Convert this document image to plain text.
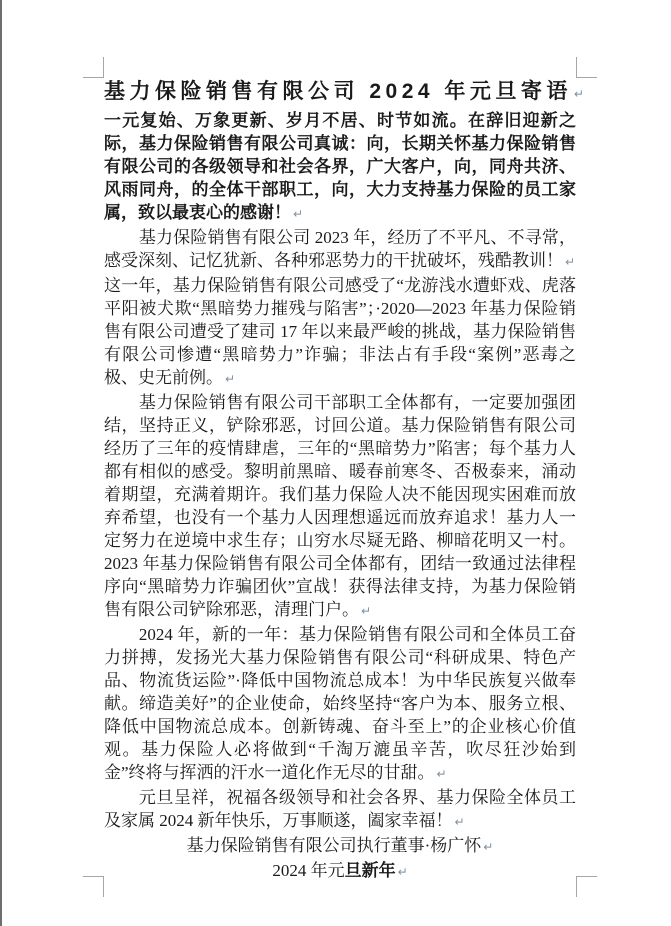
基力保险销售有限公司 2024 年元旦寄语 ↵

一元复始、万象更新、岁月不居、时节如流。在辞旧迎新之际，基力保险销售有限公司真诚：向，长期关怀基力保险销售有限公司的各级领导和社会各界，广大客户，向，同舟共济、风雨同舟，的全体干部职工，向，大力支持基力保险的员工家属，致以最衷心的感谢！ ↵

基力保险销售有限公司 2023 年，经历了不平凡、不寻常，感受深刻、记忆犹新、各种邪恶势力的干扰破坏，残酷教训！ ↵

这一年，基力保险销售有限公司感受了“龙游浅水遭虾戏、虎落平阳被犬欺“黑暗势力摧残与陷害”；·2020—2023 年基力保险销售有限公司遭受了建司 17 年以来最严峻的挑战，基力保险销售有限公司惨遭“黑暗势力”诈骗；非法占有手段“案例”恶毒之极、史无前例。 ↵

基力保险销售有限公司干部职工全体都有，一定要加强团结，坚持正义，铲除邪恶，讨回公道。基力保险销售有限公司经历了三年的疫情肆虐，三年的“黑暗势力”陷害；每个基力人都有相似的感受。黎明前黑暗、暖春前寒冬、否极泰来，涌动着期望，充满着期许。我们基力保险人决不能因现实困难而放弃希望，也没有一个基力人因理想遥远而放弃追求！基力人一定努力在逆境中求生存；山穷水尽疑无路、柳暗花明又一村。2023 年基力保险销售有限公司全体都有，团结一致通过法律程序向“黑暗势力诈骗团伙”宣战！获得法律支持，为基力保险销售有限公司铲除邪恶，清理门户。 ↵

2024 年，新的一年：基力保险销售有限公司和全体员工奋力拼搏，发扬光大基力保险销售有限公司“科研成果、特色产品、物流货运险”·降低中国物流总成本！为中华民族复兴做奉献。缔造美好”的企业使命，始终坚持“客户为本、服务立根、降低中国物流总成本。创新铸魂、奋斗至上”的企业核心价值观。基力保险人必将做到“千淘万漉虽辛苦，吹尽狂沙始到金”终将与挥洒的汗水一道化作无尽的甘甜。 ↵

元旦呈祥，祝福各级领导和社会各界、基力保险全体员工及家属 2024 新年快乐，万事顺遂，阖家幸福！ ↵

基力保险销售有限公司执行董事·杨广怀 ↵
2024 年元旦新年 ↵
